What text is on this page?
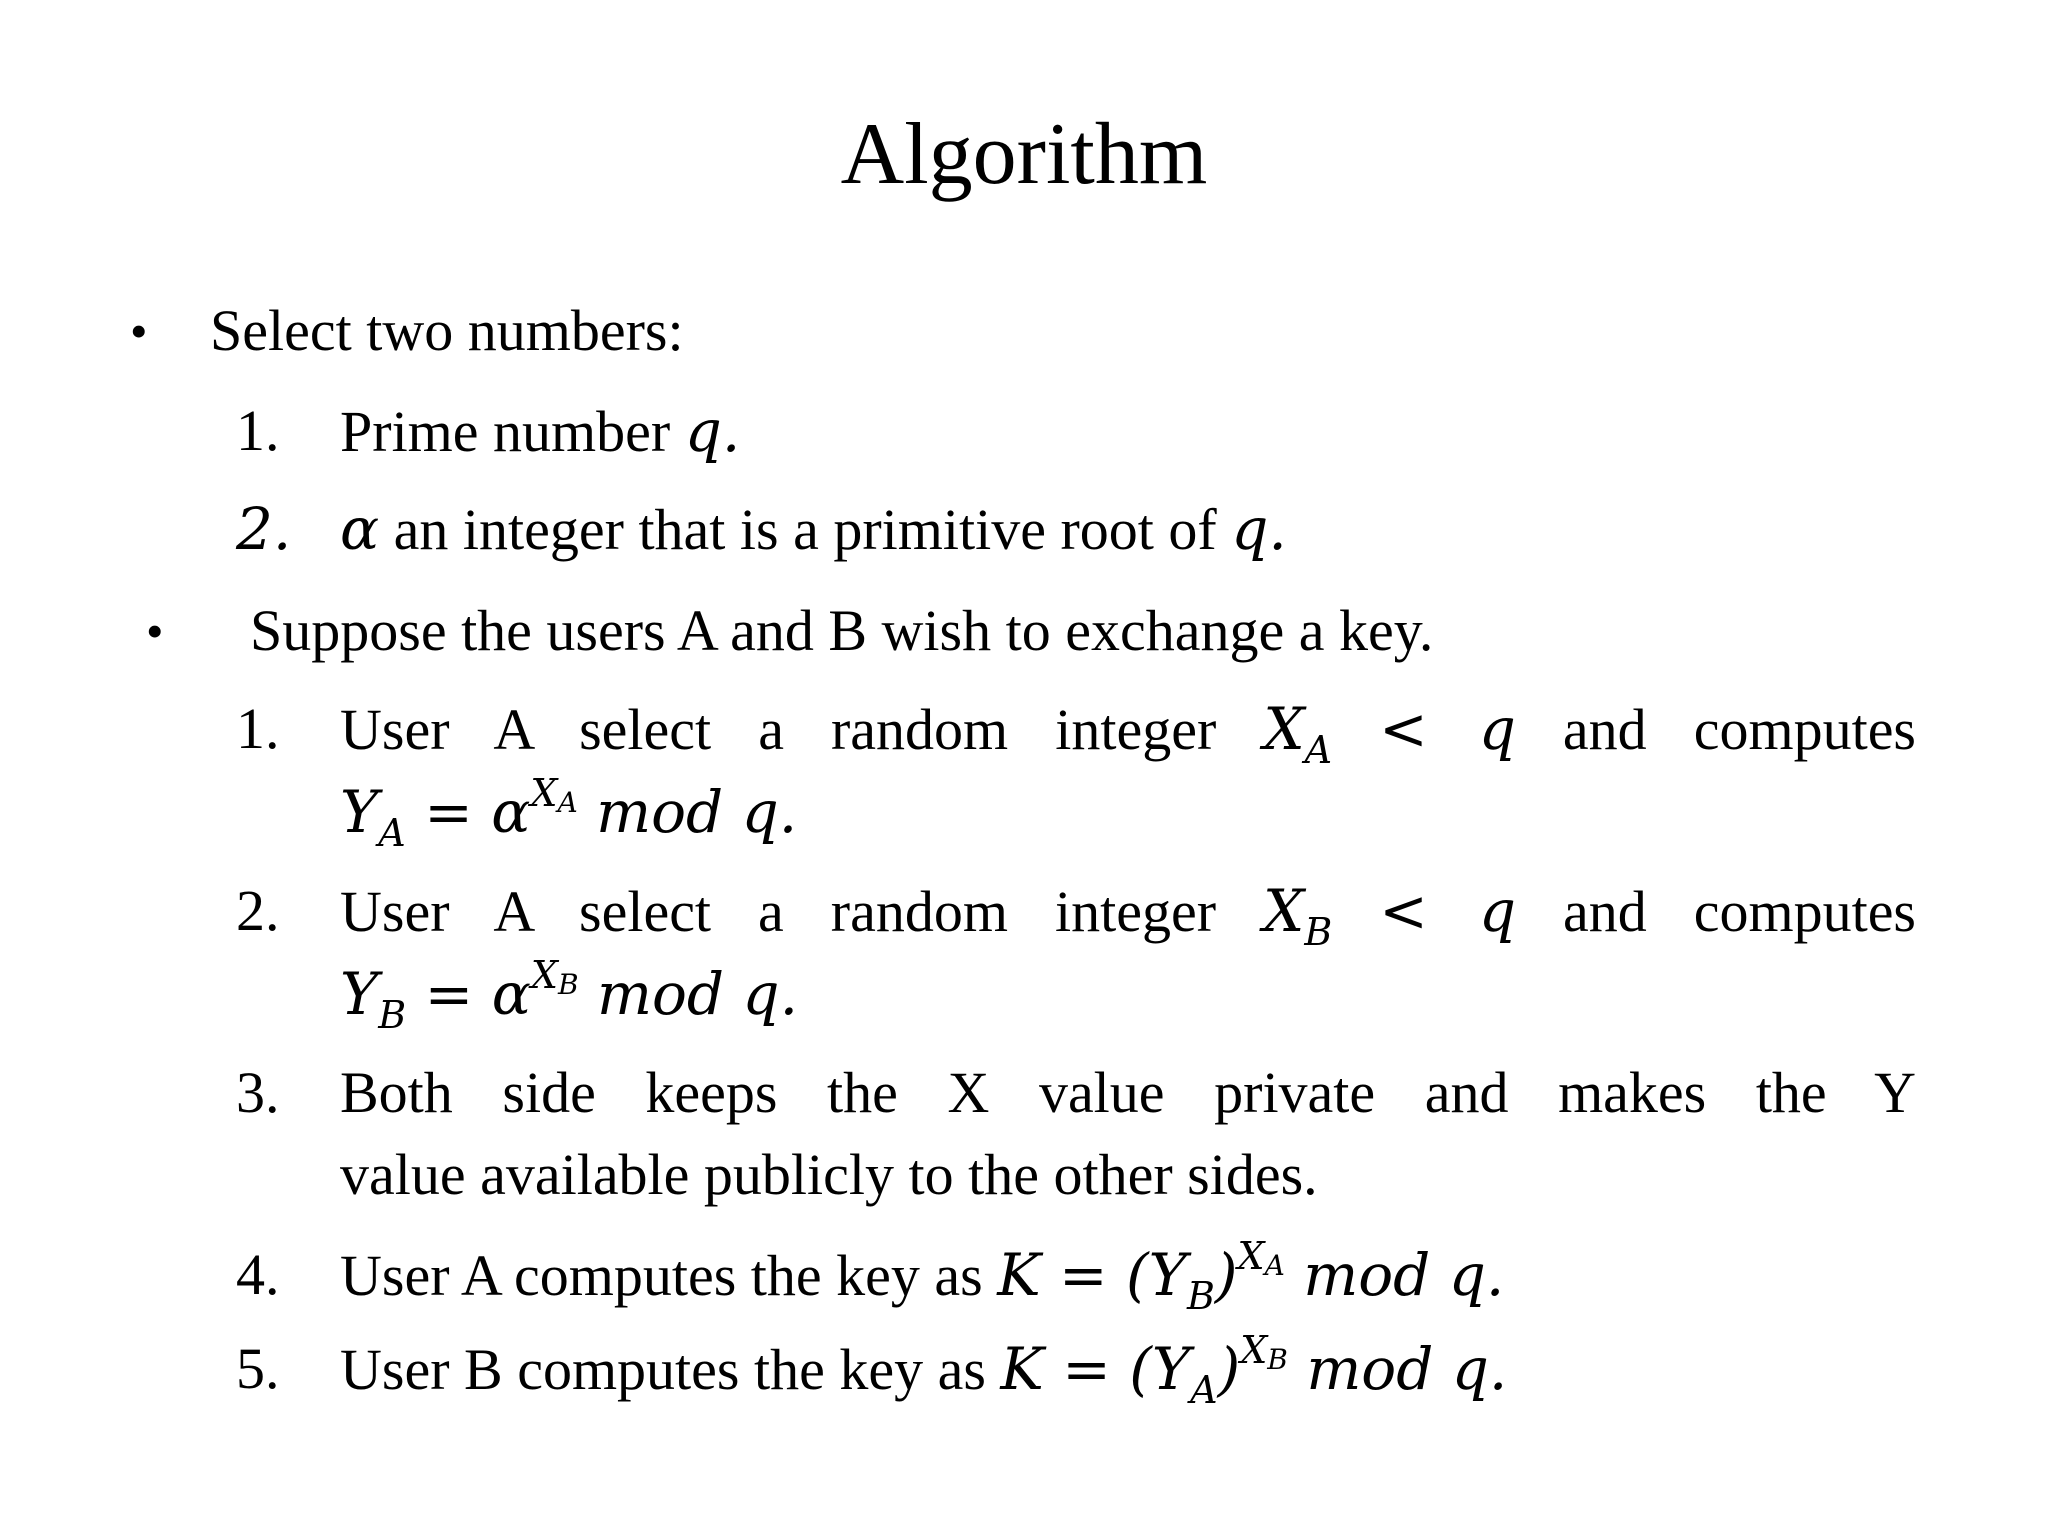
Algorithm
• Select two numbers:
1.	Prime number q.
2. α an integer that is a primitive root of q.
• Suppose the users A and B wish to exchange a key.
1.	User A select a random integer $X_A < q$ and computes
$Y_A = \alpha^{XA}$ mod q.
2.	User A select a random integer $X_B < q$ and computes
$Y_B = \alpha^{XB}$ mod q.
3.	Both side keeps the X value private and makes the Y
value available publicly to the other sides.
4.	User A computes the key as $K = (Y_B)^{XA}$ mod q.
5.	User B computes the key as $K = (Y_A)^{XB}$ mod q.
